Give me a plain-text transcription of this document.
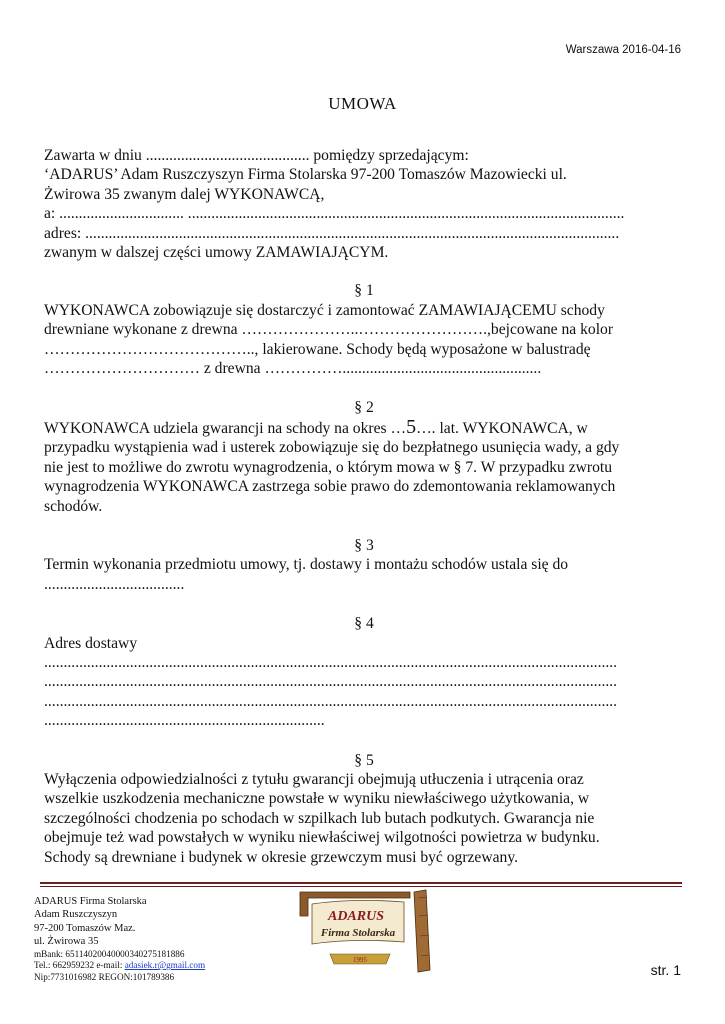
Warszawa 2016-04-16
UMOWA

Zawarta w dniu .......................................... pomiędzy sprzedającym:
‘ADARUS’ Adam Ruszczyszyn Firma Stolarska 97-200 Tomaszów Mazowiecki ul.
Żwirowa 35 zwanym dalej WYKONAWCĄ,
a: ................................ ................................................................................................................
adres: .........................................................................................................................................
zwanym w dalszej części umowy ZAMAWIAJĄCYM.

§ 1

WYKONAWCA zobowiązuje się dostarczyć i zamontować ZAMAWIAJĄCEMU schody
drewniane wykonane z drewna …………………..…………………….,bejcowane na kolor
………………………………….., lakierowane. Schody będą wyposażone w balustradę
………………………… z drewna ……………...................................................

§ 2

WYKONAWCA udziela gwarancji na schody na okres …5…. lat. WYKONAWCA, w
przypadku wystąpienia wad i usterek zobowiązuje się do bezpłatnego usunięcia wady, a gdy
nie jest to możliwe do zwrotu wynagrodzenia, o którym mowa w § 7. W przypadku zwrotu
wynagrodzenia WYKONAWCA zastrzega sobie prawo do zdemontowania reklamowanych
schodów.

§ 3

Termin wykonania przedmiotu umowy, tj. dostawy i montażu schodów ustala się do
....................................

§ 4

Adres dostawy
...................................................................................................................................................
...................................................................................................................................................
...................................................................................................................................................
........................................................................

§ 5

Wyłączenia odpowiedzialności z tytułu gwarancji obejmują utłuczenia i utrącenia oraz
wszelkie uszkodzenia mechaniczne powstałe w wyniku niewłaściwego użytkowania, w
szczególności chodzenia po schodach w szpilkach lub butach podkutych. Gwarancja nie
obejmuje też wad powstałych w wyniku niewłaściwej wilgotności powietrza w budynku.
Schody są drewniane i budynek w okresie grzewczym musi być ogrzewany.

ADARUS Firma Stolarska
Adam Ruszczyszyn
97-200 Tomaszów Maz.
ul. Żwirowa 35
mBank: 65114020040000340275181886
Tel.: 662959232 e-mail: adasiek.r@gmail.com
Nip:7731016982 REGON:101789386
ADARUS
Firma Stolarska
1995
str. 1
